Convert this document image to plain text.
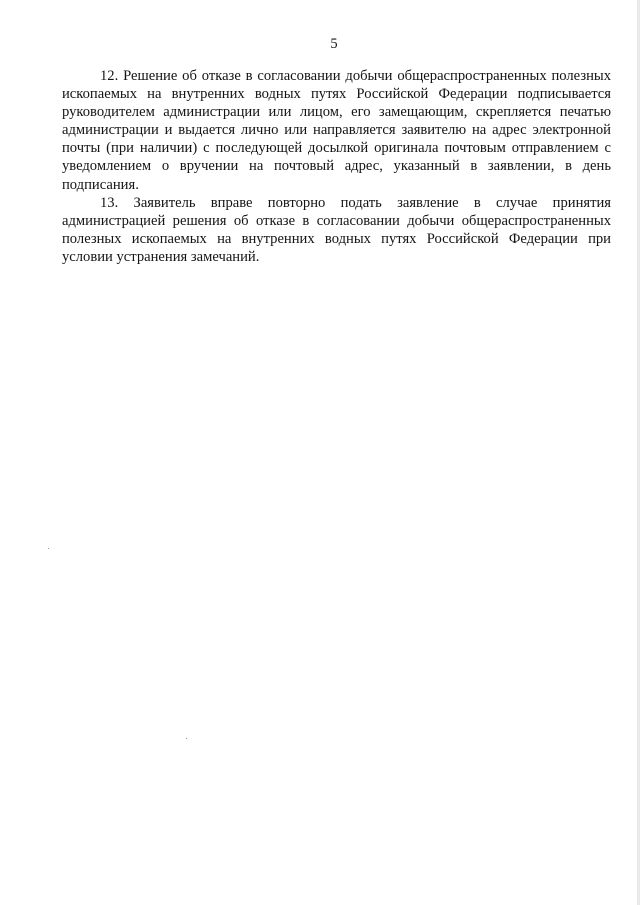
5

12. Решение об отказе в согласовании добычи общераспространенных полезных ископаемых на внутренних водных путях Российской Федерации подписывается руководителем администрации или лицом, его замещающим, скрепляется печатью администрации и выдается лично или направляется заявителю на адрес электронной почты (при наличии) с последующей досылкой оригинала почтовым отправлением с уведомлением о вручении на почтовый адрес, указанный в заявлении, в день подписания.

13. Заявитель вправе повторно подать заявление в случае принятия администрацией решения об отказе в согласовании добычи общераспространенных полезных ископаемых на внутренних водных путях Российской Федерации при условии устранения замечаний.
